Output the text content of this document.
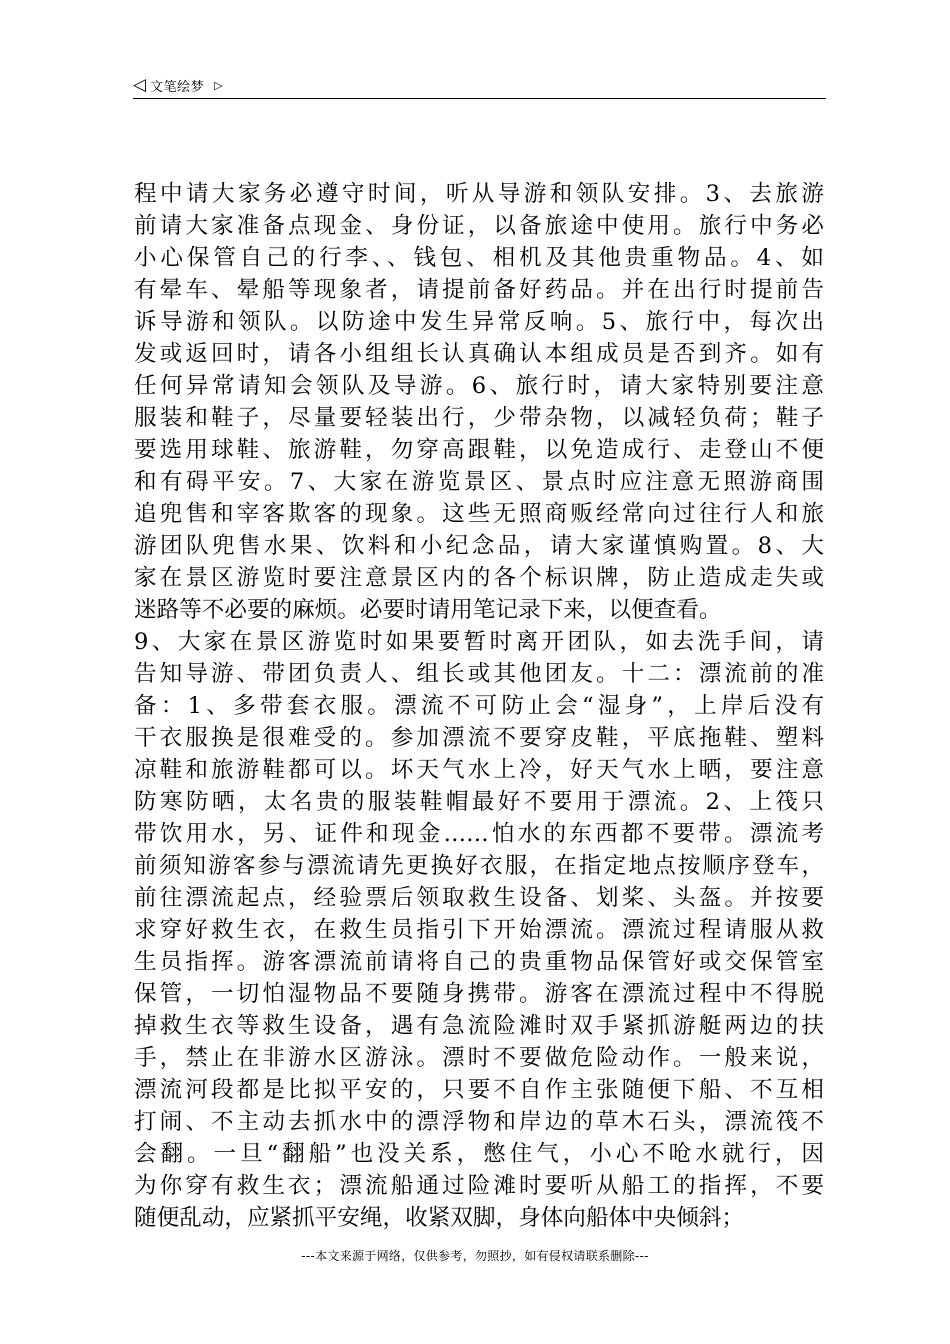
◁ 文笔绘梦 ▷
程中请大家务必遵守时间，听从导游和领队安排。3、去旅游
前请大家准备点现金、身份证，以备旅途中使用。旅行中务必
小心保管自己的行李、、钱包、相机及其他贵重物品。4、如
有晕车、晕船等现象者，请提前备好药品。并在出行时提前告
诉导游和领队。以防途中发生异常反响。5、旅行中，每次出
发或返回时，请各小组组长认真确认本组成员是否到齐。如有
任何异常请知会领队及导游。6、旅行时，请大家特别要注意
服装和鞋子，尽量要轻装出行，少带杂物，以减轻负荷；鞋子
要选用球鞋、旅游鞋，勿穿高跟鞋，以免造成行、走登山不便
和有碍平安。7、大家在游览景区、景点时应注意无照游商围
追兜售和宰客欺客的现象。这些无照商贩经常向过往行人和旅
游团队兜售水果、饮料和小纪念品，请大家谨慎购置。8、大
家在景区游览时要注意景区内的各个标识牌，防止造成走失或
迷路等不必要的麻烦。必要时请用笔记录下来，以便查看。
9、大家在景区游览时如果要暂时离开团队，如去洗手间，请
告知导游、带团负责人、组长或其他团友。十二：漂流前的准
备：1、多带套衣服。漂流不可防止会“湿身”，上岸后没有
干衣服换是很难受的。参加漂流不要穿皮鞋，平底拖鞋、塑料
凉鞋和旅游鞋都可以。坏天气水上冷，好天气水上晒，要注意
防寒防晒，太名贵的服装鞋帽最好不要用于漂流。2、上筏只
带饮用水，另、证件和现金……怕水的东西都不要带。漂流考
前须知游客参与漂流请先更换好衣服，在指定地点按顺序登车，
前往漂流起点，经验票后领取救生设备、划桨、头盔。并按要
求穿好救生衣，在救生员指引下开始漂流。漂流过程请服从救
生员指挥。游客漂流前请将自己的贵重物品保管好或交保管室
保管，一切怕湿物品不要随身携带。游客在漂流过程中不得脱
掉救生衣等救生设备，遇有急流险滩时双手紧抓游艇两边的扶
手，禁止在非游水区游泳。漂时不要做危险动作。一般来说，
漂流河段都是比拟平安的，只要不自作主张随便下船、不互相
打闹、不主动去抓水中的漂浮物和岸边的草木石头，漂流筏不
会翻。一旦“翻船”也没关系，憋住气，小心不呛水就行，因
为你穿有救生衣；漂流船通过险滩时要听从船工的指挥，不要
随便乱动，应紧抓平安绳，收紧双脚，身体向船体中央倾斜；
---本文来源于网络，仅供参考，勿照抄，如有侵权请联系删除---
